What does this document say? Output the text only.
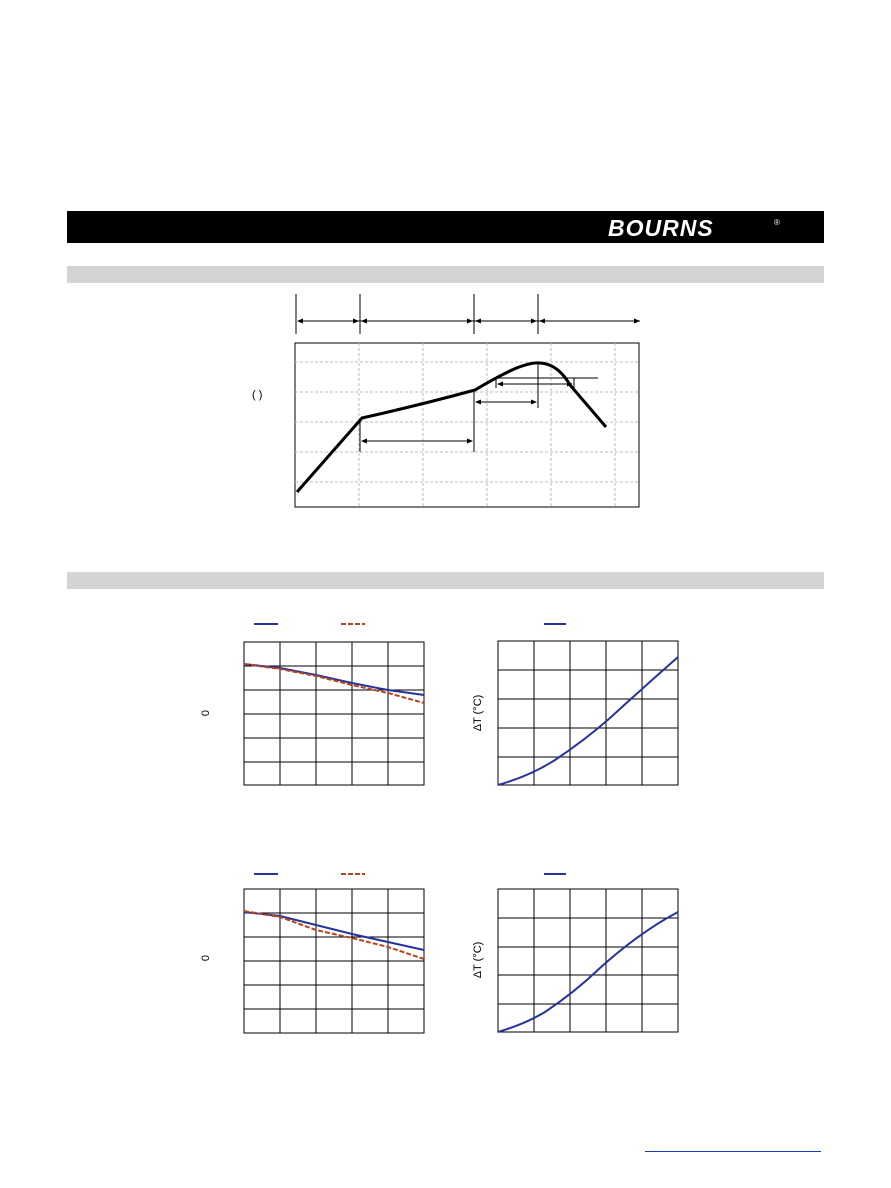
BOURNS	®
( )
0	ΔT (°C)
0	ΔT (°C)
